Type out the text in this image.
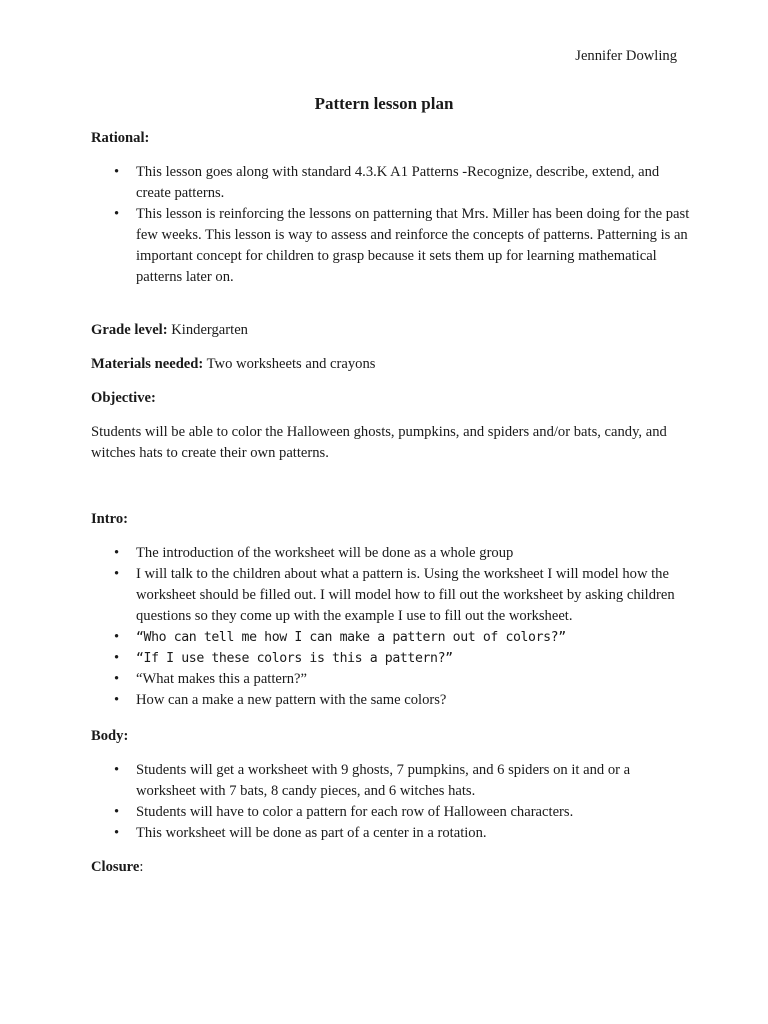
Jennifer Dowling

Pattern lesson plan

Rational:

• This lesson goes along with standard 4.3.K A1 Patterns -Recognize, describe, extend, and create patterns.
• This lesson is reinforcing the lessons on patterning that Mrs. Miller has been doing for the past few weeks. This lesson is way to assess and reinforce the concepts of patterns. Patterning is an important concept for children to grasp because it sets them up for learning mathematical patterns later on.

Grade level: Kindergarten

Materials needed: Two worksheets and crayons

Objective:

Students will be able to color the Halloween ghosts, pumpkins, and spiders and/or bats, candy, and witches hats to create their own patterns.

Intro:

• The introduction of the worksheet will be done as a whole group
• I will talk to the children about what a pattern is. Using the worksheet I will model how the worksheet should be filled out. I will model how to fill out the worksheet by asking children questions so they come up with the example I use to fill out the worksheet.
• “Who can tell me how I can make a pattern out of colors?”
• “If I use these colors is this a pattern?”
• “What makes this a pattern?”
• How can a make a new pattern with the same colors?

Body:

• Students will get a worksheet with 9 ghosts, 7 pumpkins, and 6 spiders on it and or a worksheet with 7 bats, 8 candy pieces, and 6 witches hats.
• Students will have to color a pattern for each row of Halloween characters.
• This worksheet will be done as part of a center in a rotation.

Closure:
